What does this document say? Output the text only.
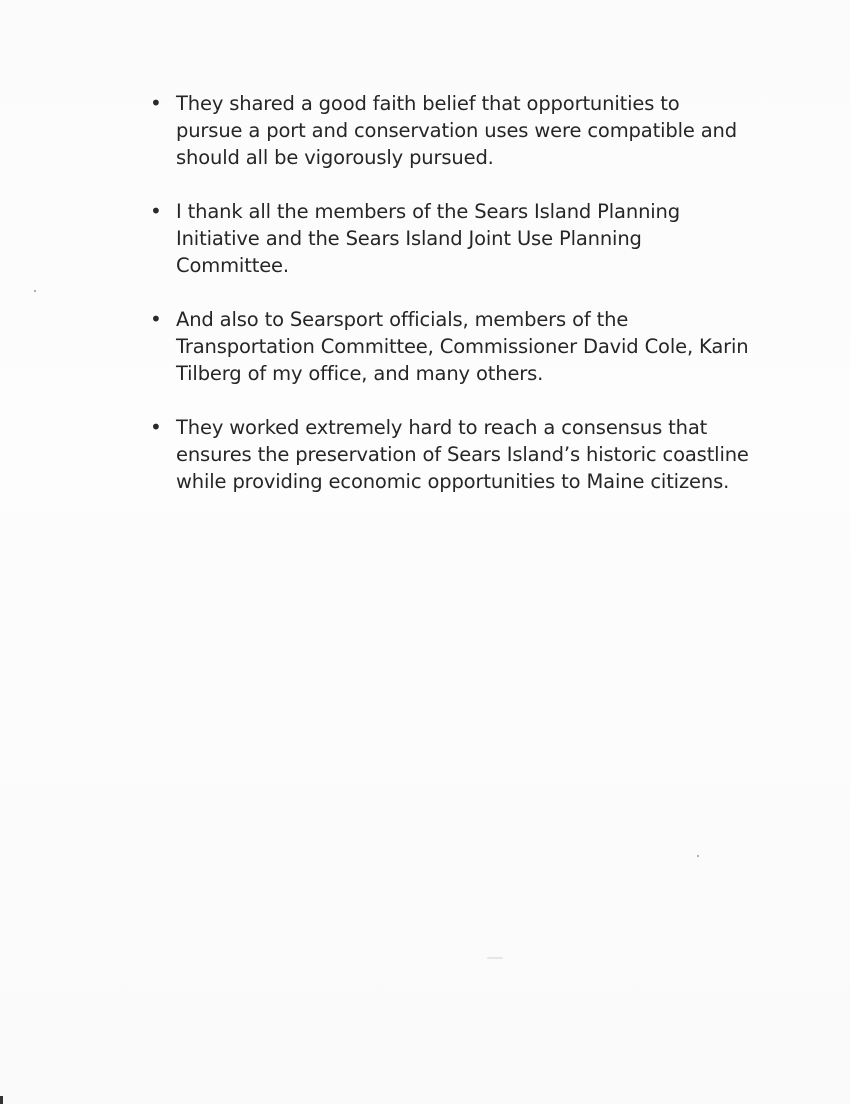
• They shared a good faith belief that opportunities to pursue a port and conservation uses were compatible and should all be vigorously pursued.
• I thank all the members of the Sears Island Planning Initiative and the Sears Island Joint Use Planning Committee.
• And also to Searsport officials, members of the Transportation Committee, Commissioner David Cole, Karin Tilberg of my office, and many others.
• They worked extremely hard to reach a consensus that ensures the preservation of Sears Island’s historic coastline while providing economic opportunities to Maine citizens.
